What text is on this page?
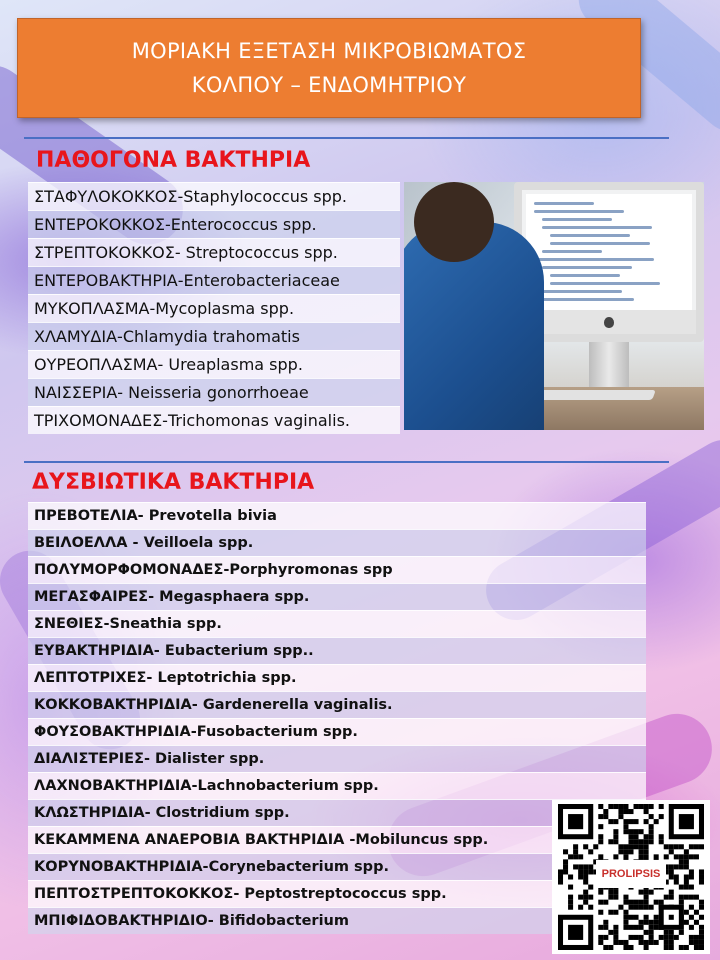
ΜΟΡΙΑΚΗ ΕΞΕΤΑΣΗ ΜΙΚΡΟΒΙΩΜΑΤΟΣ
ΚΟΛΠΟΥ – ΕΝΔΟΜΗΤΡΙΟΥ
ΠΑΘΟΓΟΝΑ ΒΑΚΤΗΡΙΑ
ΣΤΑΦΥΛΟΚΟΚΚΟΣ-Staphylococcus spp.
ΕΝΤΕΡΟΚΟΚΚΟΣ-Enterococcus spp.
ΣΤΡΕΠΤΟΚΟΚΚΟΣ- Streptococcus spp.
ΕΝΤΕΡΟΒΑΚΤΗΡΙΑ-Enterobacteriaceae
ΜΥΚΟΠΛΑΣΜΑ-Mycoplasma spp.
ΧΛΑΜΥΔΙΑ-Chlamydia trahomatis
ΟΥΡΕΟΠΛΑΣΜΑ- Ureaplasma spp.
ΝΑΙΣΣΕΡΙΑ- Neisseria gonorrhoeae
ΤΡΙΧΟΜΟΝΑΔΕΣ-Trichomonas vaginalis.
ΔΥΣΒΙΩΤΙΚΑ ΒΑΚΤΗΡΙΑ
ΠΡΕΒΟΤΕΛΙΑ- Prevotella bivia
ΒΕΙΛΟΕΛΛΑ - Veilloela spp.
ΠΟΛΥΜΟΡΦΟΜΟΝΑΔΕΣ-Porphyromonas spp
ΜΕΓΑΣΦΑΙΡΕΣ- Megasphaera spp.
ΣΝΕΘΙΕΣ-Sneathia spp.
ΕΥΒΑΚΤΗΡΙΔΙΑ- Eubacterium spp..
ΛΕΠΤΟΤΡΙΧΕΣ- Leptotrichia spp.
ΚΟΚΚΟΒΑΚΤΗΡΙΔΙΑ- Gardenerella vaginalis.
ΦΟΥΣΟΒΑΚΤΗΡΙΔΙΑ-Fusobacterium spp.
ΔΙΑΛΙΣΤΕΡΙΕΣ- Dialister spp.
ΛΑΧΝΟΒΑΚΤΗΡΙΔΙΑ-Lachnobacterium spp.
ΚΛΩΣΤΗΡΙΔΙΑ- Clostridium spp.
ΚΕΚΑΜΜΕΝΑ ΑΝΑΕΡΟΒΙΑ ΒΑΚΤΗΡΙΔΙΑ -Mobiluncus spp.
ΚΟΡΥΝΟΒΑΚΤΗΡΙΔΙΑ-Corynebacterium spp.
ΠΕΠΤΟΣΤΡΕΠΤΟΚΟΚΚΟΣ- Peptostreptococcus spp.
ΜΠΙΦΙΔΟΒΑΚΤΗΡΙΔΙΟ- Bifidobacterium
PROLIPSIS
